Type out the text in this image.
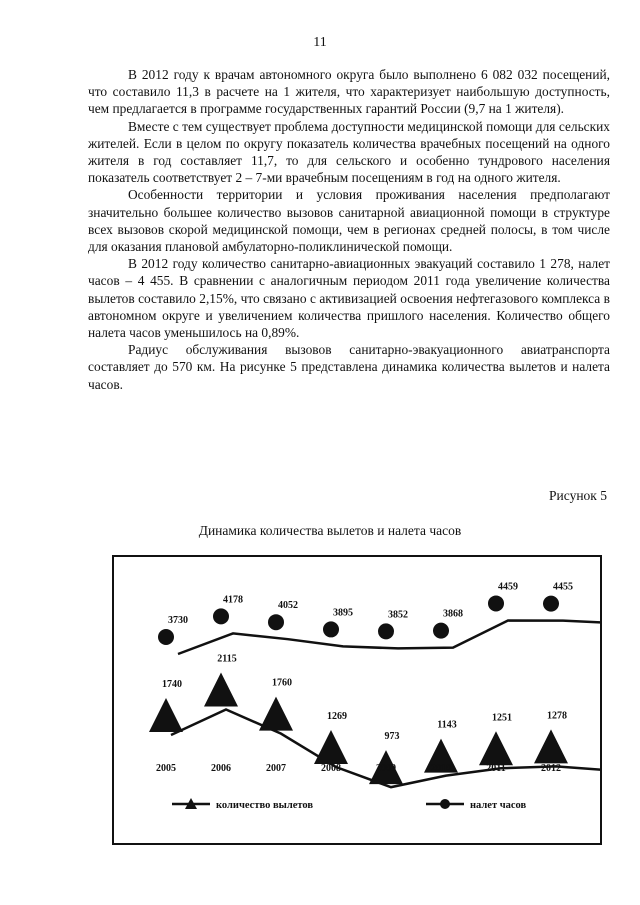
11

В 2012 году к врачам автономного округа было выполнено 6 082 032 посещений, что составило 11,3 в расчете на 1 жителя, что характеризует наибольшую доступность, чем предлагается в программе государственных гарантий России (9,7 на 1 жителя).

Вместе с тем существует проблема доступности медицинской помощи для сельских жителей. Если в целом по округу показатель количества врачебных посещений на одного жителя в год составляет 11,7, то для сельского и особенно тундрового населения показатель соответствует 2 – 7-ми врачебным посещениям в год на одного жителя.

Особенности территории и условия проживания населения предполагают значительно большее количество вызовов санитарной авиационной помощи в структуре всех вызовов скорой медицинской помощи, чем в регионах средней полосы, в том числе для оказания плановой амбулаторно-поликлинической помощи.

В 2012 году количество санитарно-авиационных эвакуаций составило 1 278, налет часов – 4 455. В сравнении с аналогичным периодом 2011 года увеличение количества вылетов составило 2,15%, что связано с активизацией освоения нефтегазового комплекса в автономном округе и увеличением количества пришлого населения. Количество общего налета часов уменьшилось на 0,89%.

Радиус обслуживания вызовов санитарно-эвакуационного авиатранспорта составляет до 570 км. На рисунке 5 представлена динамика количества вылетов и налета часов.

Рисунок 5
Динамика количества вылетов и налета часов
3730
4178
4052
3895	3852	3868
4459	4455
1740
2115
1760
1269
973
1143
1251	1278
2005	2006	2007	2008	2009	2010	2011	2012
количество вылетов	налет часов
